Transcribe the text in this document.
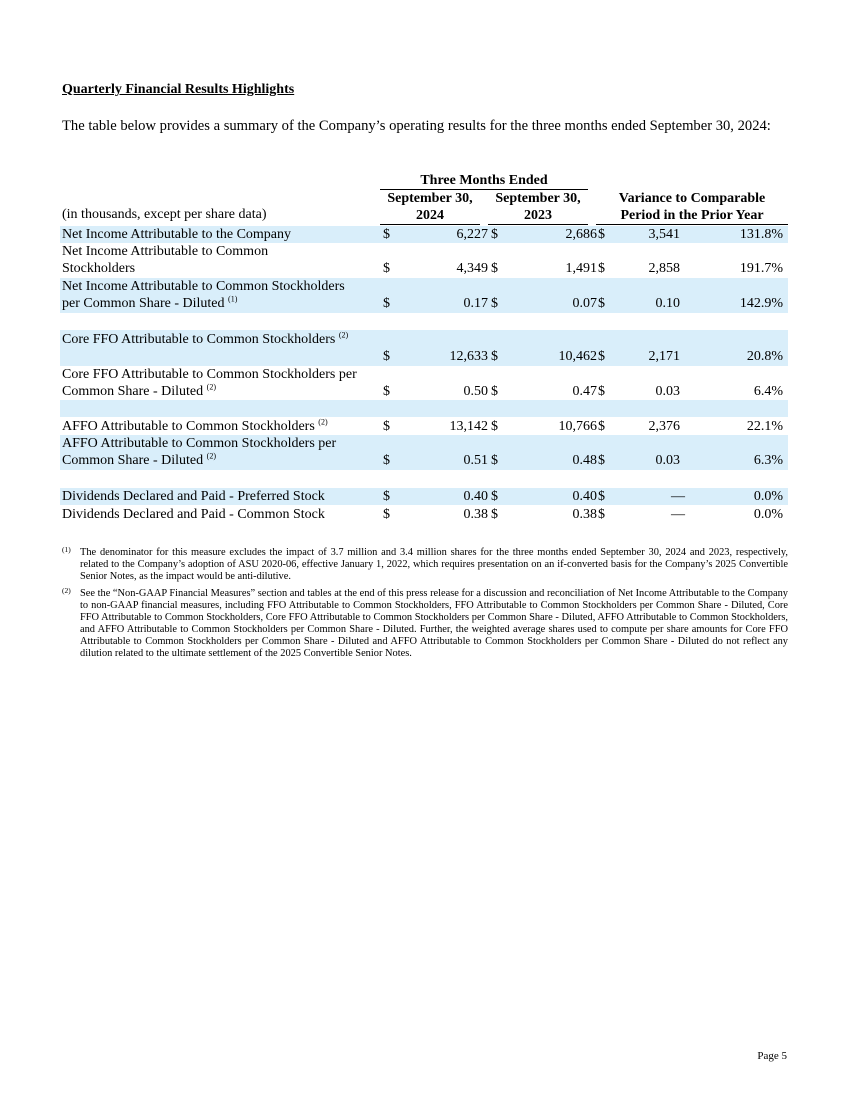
Quarterly Financial Results Highlights
The table below provides a summary of the Company’s operating results for the three months ended September 30, 2024:
Three Months Ended
September 30,
2024
September 30,
2023
Variance to Comparable
Period in the Prior Year
(in thousands, except per share data)
Net Income Attributable to the Company	$	6,227 $	2,686 $	3,541	131.8%
Net Income Attributable to Common Stockholders	$	4,349 $	1,491 $	2,858	191.7%
Net Income Attributable to Common Stockholders per Common Share - Diluted $^{(1)}$	$	0.17 $	0.07 $	0.10	142.9%
Core FFO Attributable to Common Stockholders $^{(2)}$
$	12,633 $	10,462 $	2,171	20.8%
Core FFO Attributable to Common Stockholders per Common Share - Diluted $^{(2)}$	$	0.50 $	0.47 $	0.03	6.4%
AFFO Attributable to Common Stockholders $^{(2)}$	$	13,142 $	10,766 $	2,376	22.1%
AFFO Attributable to Common Stockholders per Common Share - Diluted $^{(2)}$	$	0.51 $	0.48 $	0.03	6.3%
Dividends Declared and Paid - Preferred Stock	$	0.40 $	0.40 $	—	0.0%
Dividends Declared and Paid - Common Stock	$	0.38 $	0.38 $	—	0.0%
(1) The denominator for this measure excludes the impact of 3.7 million and 3.4 million shares for the three months ended September 30, 2024 and 2023, respectively, related to the Company’s adoption of ASU 2020-06, effective January 1, 2022, which requires presentation on an if-converted basis for the Company’s 2025 Convertible Senior Notes, as the impact would be anti-dilutive.
(2) See the “Non-GAAP Financial Measures” section and tables at the end of this press release for a discussion and reconciliation of Net Income Attributable to the Company to non-GAAP financial measures, including FFO Attributable to Common Stockholders, FFO Attributable to Common Stockholders per Common Share - Diluted, Core FFO Attributable to Common Stockholders, Core FFO Attributable to Common Stockholders per Common Share - Diluted, AFFO Attributable to Common Stockholders, and AFFO Attributable to Common Stockholders per Common Share - Diluted. Further, the weighted average shares used to compute per share amounts for Core FFO Attributable to Common Stockholders per Common Share - Diluted and AFFO Attributable to Common Stockholders per Common Share - Diluted do not reflect any dilution related to the ultimate settlement of the 2025 Convertible Senior Notes.
Page 5
